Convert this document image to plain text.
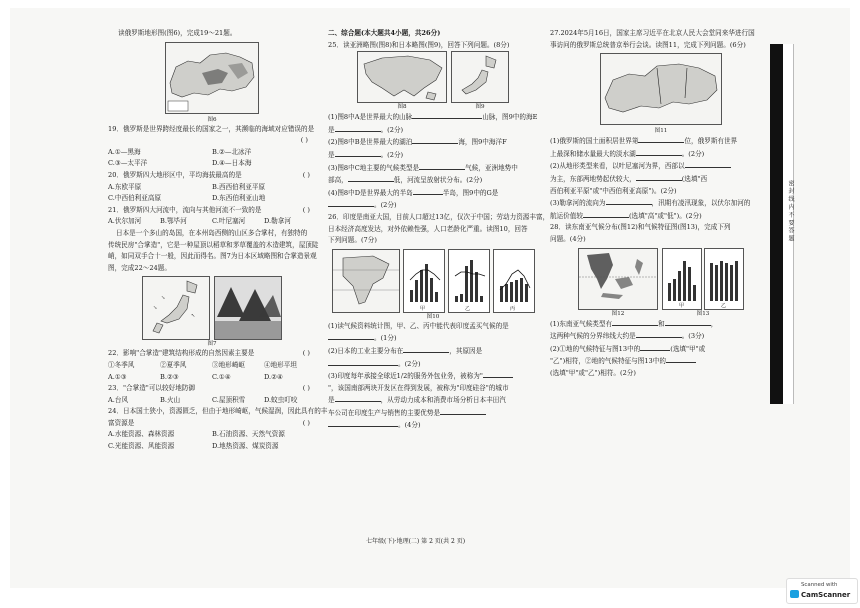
读俄罗斯地形图(图6)，完成19～21题。

图6

19．俄罗斯是世界跨经度最长的国家之一，其濒临的海域对应错误的是

( )

A.①—黑海	B.②—北冰洋

C.③—太平洋	D.④—日本海

20．俄罗斯四大地形区中，平均海拔最高的是	( )

A.东欧平原	B.西西伯利亚平原

C.中西伯利亚高原	D.东西伯利亚山地

21．俄罗斯四大河流中，流向与其他河流不一致的是	( )

A.伏尔加河	B.鄂毕河	C.叶尼塞河	D.勒拿河

日本是一个多山的岛国，在本州岛西侧的山区多合掌村，有独特的

传统民房"合掌造"，它是一种屋顶以稻草和茅草覆盖的木造建筑，屋顶陡

峭，如同双手合十一般，因此而得名。图7为日本区域略图和合掌造景观

图，完成22～24题。

↘
↘
↖

图7

22．影响"合掌造"建筑结构形成的自然因素主要是	( )

①冬季风	②夏季风	③地形崎岖	④地形平坦

A.①③	B.②③	C.①④	D.②④

23．"合掌造"可以较好地防御	( )

A.台风	B.火山	C.屋顶积雪	D.蚊虫叮咬

24．日本国土狭小，资源匮乏，但由于地形崎岖，气候湿润，因此具有的丰

富资源是	( )

A.水能资源、森林资源	B.石油资源、天然气资源

C.光能资源、风能资源	D.地热资源、煤炭资源

二、综合题(本大题共4小题，共26分)

25．读亚洲略图(图8)和日本略图(图9)，回答下列问题。(8分)

图8	图9

(1)图8中A是世界最大的山脉	山脉，图9中的海E

是	。(2分)

(2)图8中B是世界最大的湖泊	海，图9中海洋F

是	。(2分)

(3)图8中C地主要的气候类型是	气候，亚洲地势中

部高，	低，河流呈放射状分布。(2分)

(4)图8中D是世界最大的半岛	半岛，图9中的G是

。(2分)

26．印度是南亚大国，目前人口超过13亿，仅次于中国；劳动力资源丰富，

日本经济高度发达，对外依赖性强，人口老龄化严重。读图10，回答

下列问题。(7分)

甲	乙	丙

图10

(1)读气候资料统计图，甲、乙、丙中能代表印度孟买气候的是

。(1分)

(2)日本的工业主要分布在	，其原因是

。(2分)

(3)印度每年承接全球近1/2的服务外包业务，被称为"

"，该国南部两块开发区在得到发展，被称为"印度硅谷"的城市

是	，从劳动力成本和消费市场分析日本丰田汽

车公司在印度生产与销售的主要优势是

。(4分)

27.2024年5月16日，国家主席习近平在北京人民大会堂同来华进行国

事访问的俄罗斯总统普京举行会谈。读图11，完成下列问题。(6分)

图11

(1)俄罗斯的国土面积居世界第	位，俄罗斯有世界

上最深和储水量最大的淡水湖	。(2分)

(2)从地形类型来看，以叶尼塞河为界，西部以

为主，东部两地势起伏较大，	(选填"西

西伯利亚平原"或"中西伯利亚高原")。(2分)

(3)勒拿河的流向为	，汛期有凌汛现象，以伏尔加河的

航运价值较	(选填"高"或"低")。(2分)

28．读东南亚气候分布(图12)和气候特征图(图13)，完成下列

问题。(4分)

图12

甲	乙

图13

(1)东南亚气候类型有	和	，

这两种气候的分界纬线大约是	。(3分)

(2)①地的气候特征与图13中的	(选填"甲"或

"乙")相符，②地的气候特征与图13中的

(选填"甲"或"乙")相符。(2分)

密 封 线 内 不 要 答 题
七年级(下)·地理(二) 第 2 页(共 2 页)
Scanned with
CamScanner
